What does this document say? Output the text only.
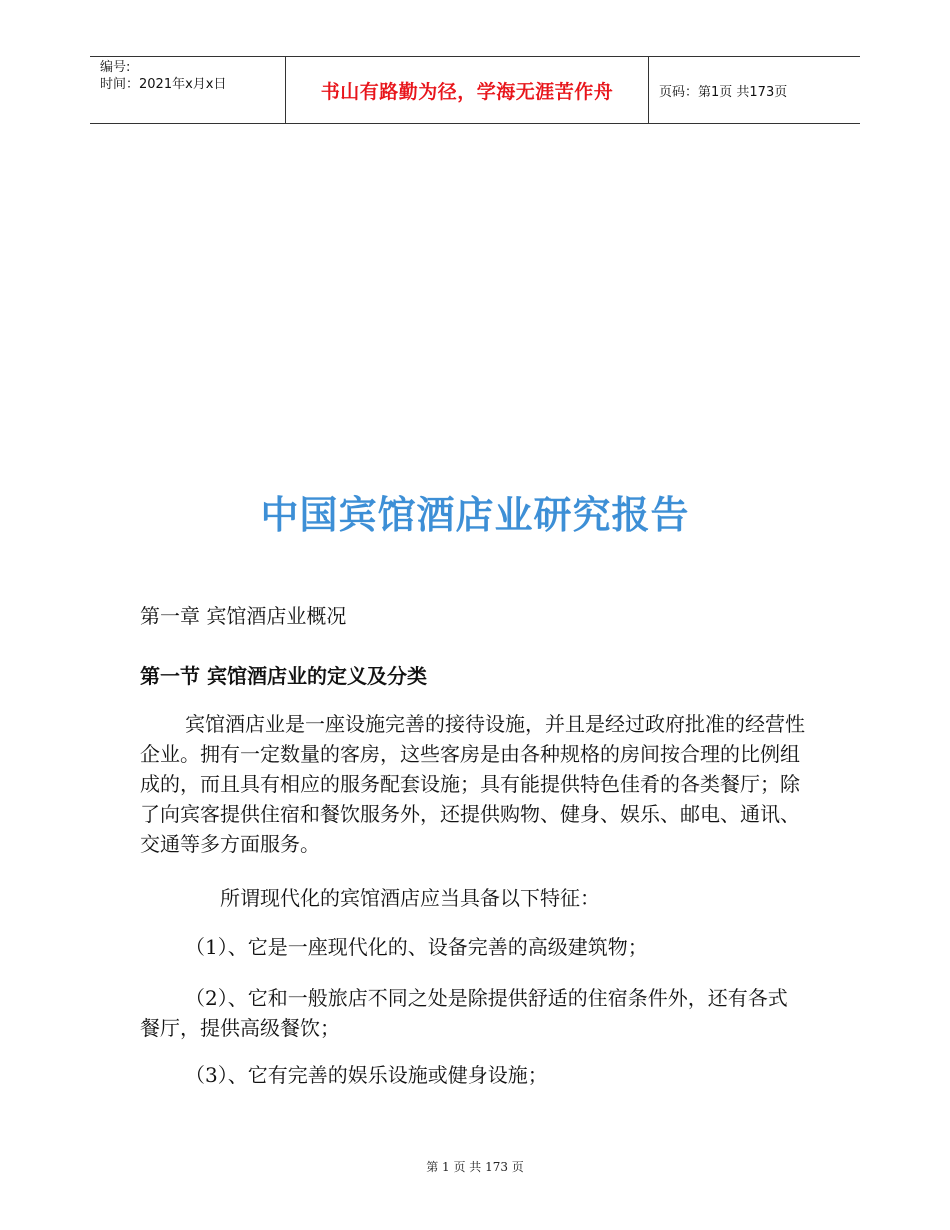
编号:
时间：2021年x月x日	书山有路勤为径，学海无涯苦作舟	页码：第1页 共173页
中国宾馆酒店业研究报告
第一章 宾馆酒店业概况
第一节 宾馆酒店业的定义及分类
宾馆酒店业是一座设施完善的接待设施，并且是经过政府批准的经营性企业。拥有一定数量的客房，这些客房是由各种规格的房间按合理的比例组成的，而且具有相应的服务配套设施；具有能提供特色佳肴的各类餐厅；除了向宾客提供住宿和餐饮服务外，还提供购物、健身、娱乐、邮电、通讯、交通等多方面服务。
所谓现代化的宾馆酒店应当具备以下特征：
（1）、它是一座现代化的、设备完善的高级建筑物；
（2）、它和一般旅店不同之处是除提供舒适的住宿条件外，还有各式餐厅，提供高级餐饮；
（3）、它有完善的娱乐设施或健身设施；
第 1 页 共 173 页
